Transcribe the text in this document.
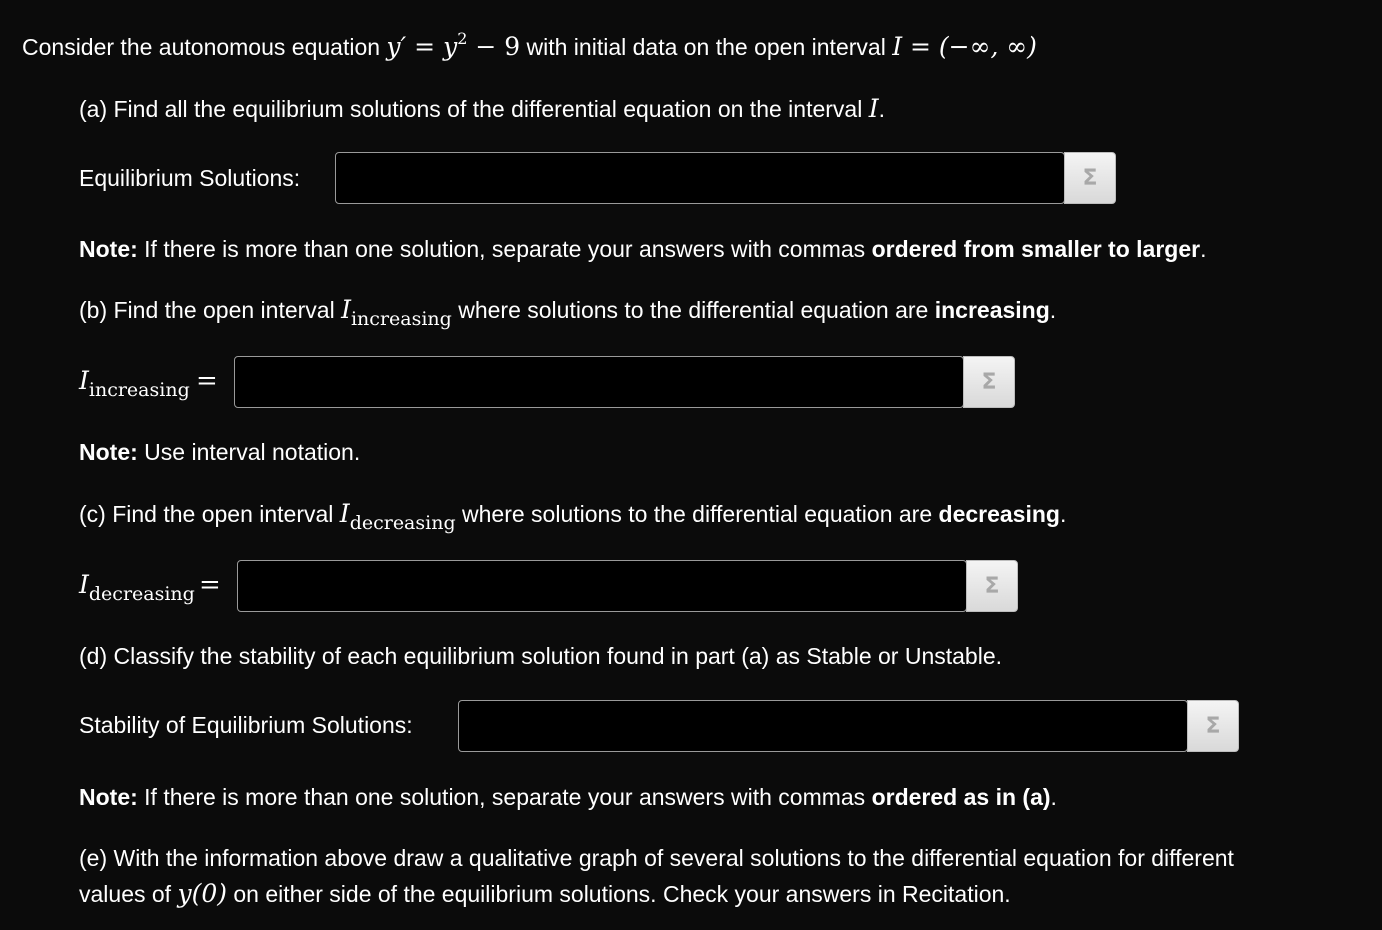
Consider the autonomous equation $y' = y^2 - 9$ with initial data on the open interval I = (−∞, ∞)
(a) Find all the equilibrium solutions of the differential equation on the interval I.
Equilibrium Solutions:	Σ
Note: If there is more than one solution, separate your answers with commas ordered from smaller to larger.
(b) Find the open interval $I_{increasing}$ where solutions to the differential equation are increasing.
$I_{increasing}$ =	Σ
Note: Use interval notation.
(c) Find the open interval $I_{decreasing}$ where solutions to the differential equation are decreasing.
$I_{decreasing}$ =	Σ
(d) Classify the stability of each equilibrium solution found in part (a) as Stable or Unstable.
Stability of Equilibrium Solutions:	Σ
Note: If there is more than one solution, separate your answers with commas ordered as in (a).
(e) With the information above draw a qualitative graph of several solutions to the differential equation for different
values of y(0) on either side of the equilibrium solutions. Check your answers in Recitation.
